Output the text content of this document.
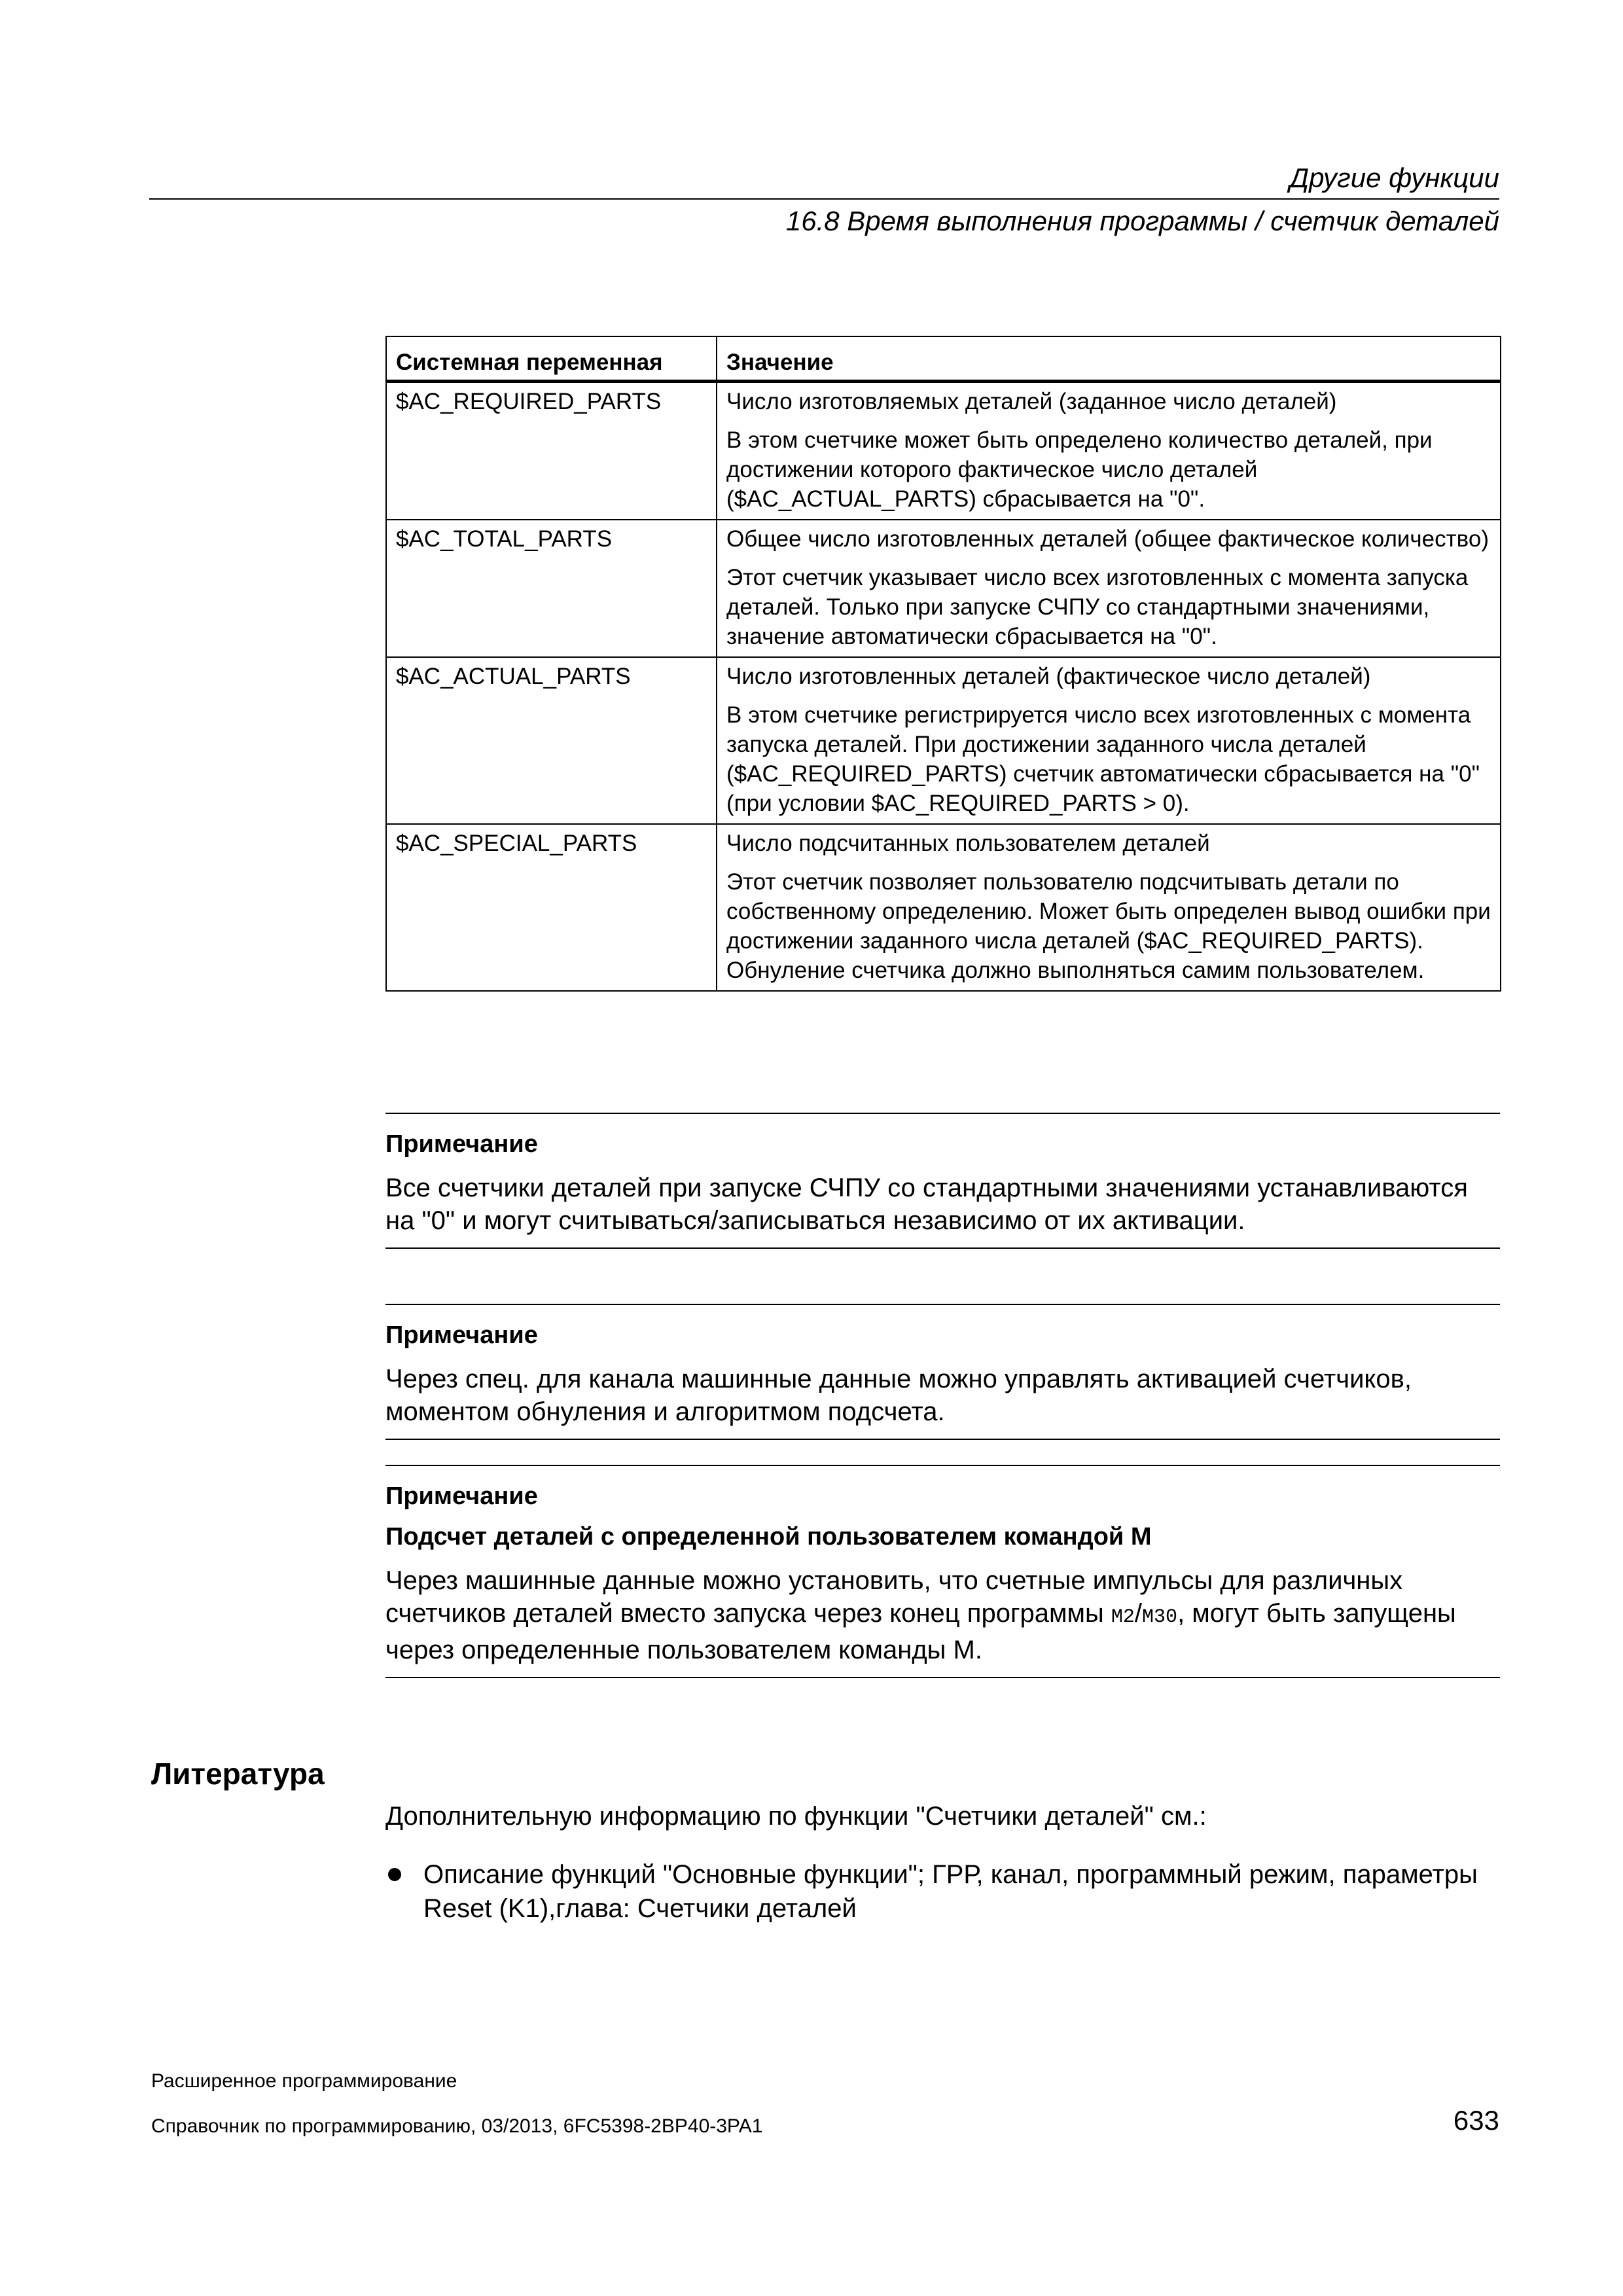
Другие функции
16.8 Время выполнения программы / счетчик деталей
Системная переменная	Значение
$AC_REQUIRED_PARTS	Число изготовляемых деталей (заданное число деталей)

В этом счетчике может быть определено количество деталей, при достижении которого фактическое число деталей ($AC_ACTUAL_PARTS) сбрасывается на "0".

$AC_TOTAL_PARTS	Общее число изготовленных деталей (общее фактическое количество)

Этот счетчик указывает число всех изготовленных с момента запуска деталей. Только при запуске СЧПУ со стандартными значениями, значение автоматически сбрасывается на "0".

$AC_ACTUAL_PARTS	Число изготовленных деталей (фактическое число деталей)

В этом счетчике регистрируется число всех изготовленных с момента запуска деталей. При достижении заданного числа деталей ($AC_REQUIRED_PARTS) счетчик автоматически сбрасывается на "0" (при условии $AC_REQUIRED_PARTS > 0).

$AC_SPECIAL_PARTS	Число подсчитанных пользователем деталей

Этот счетчик позволяет пользователю подсчитывать детали по собственному определению. Может быть определен вывод ошибки при достижении заданного числа деталей ($AC_REQUIRED_PARTS). Обнуление счетчика должно выполняться самим пользователем.

Примечание
Все счетчики деталей при запуске СЧПУ со стандартными значениями устанавливаются на "0" и могут считываться/записываться независимо от их активации.
Примечание
Через спец. для канала машинные данные можно управлять активацией счетчиков, моментом обнуления и алгоритмом подсчета.
Примечание
Подсчет деталей с определенной пользователем командой M
Через машинные данные можно установить, что счетные импульсы для различных счетчиков деталей вместо запуска через конец программы M2/M30, могут быть запущены через определенные пользователем команды M.
Литература
Дополнительную информацию по функции "Счетчики деталей" см.:
Описание функций "Основные функции"; ГРР, канал, программный режим, параметры Reset (K1),глава: Счетчики деталей
Расширенное программирование
Справочник по программированию, 03/2013, 6FC5398-2BP40-3PA1	633
